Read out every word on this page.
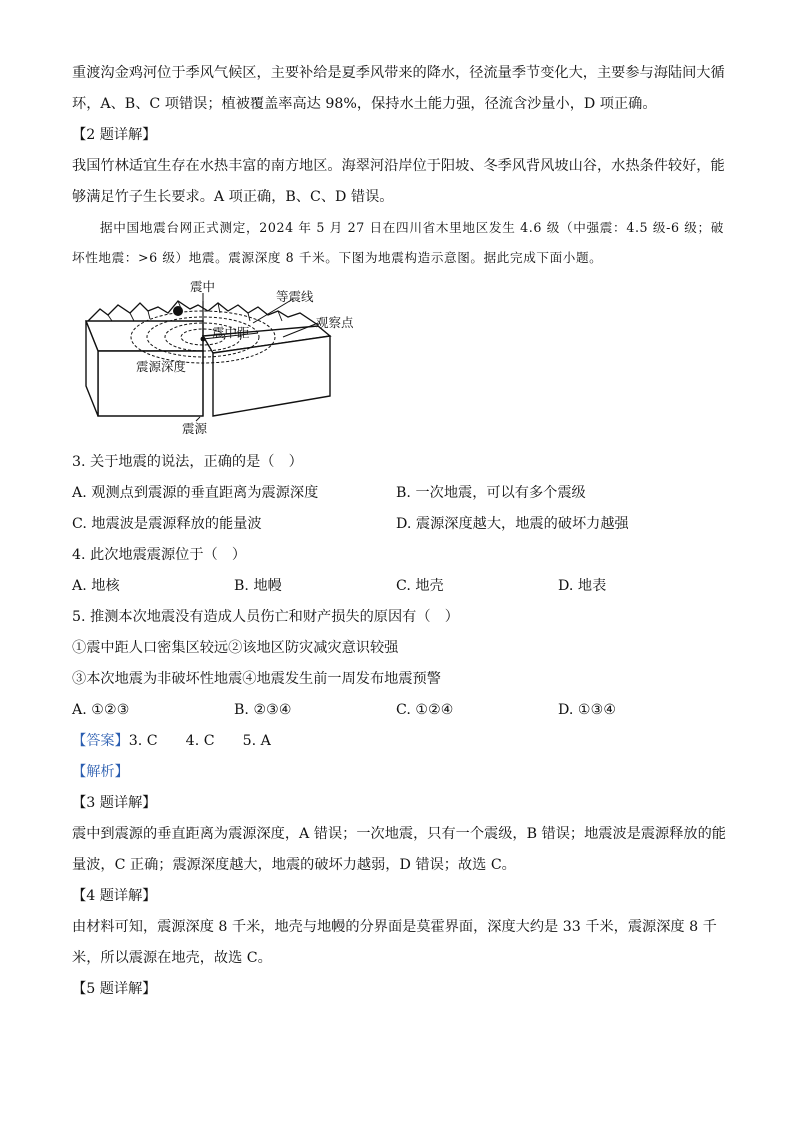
重渡沟金鸡河位于季风气候区，主要补给是夏季风带来的降水，径流量季节变化大，主要参与海陆间大循

环，A、B、C 项错误；植被覆盖率高达 98%，保持水土能力强，径流含沙量小，D 项正确。

【2 题详解】

我国竹林适宜生存在水热丰富的南方地区。海翠河沿岸位于阳坡、冬季风背风坡山谷，水热条件较好，能

够满足竹子生长要求。A 项正确，B、C、D 错误。

据中国地震台网正式测定，2024 年 5 月 27 日在四川省木里地区发生 4.6 级（中强震：4.5 级-6 级；破坏性地震：>6 级）地震。震源深度 8 千米。下图为地震构造示意图。据此完成下面小题。

震中
等震线
观察点
震中距
震源深度
震源

3. 关于地震的说法，正确的是（　）

A. 观测点到震源的垂直距离为震源深度	B. 一次地震，可以有多个震级
C. 地震波是震源释放的能量波	D. 震源深度越大，地震的破坏力越强

4. 此次地震震源位于（　）

A. 地核	B. 地幔	C. 地壳	D. 地表

5. 推测本次地震没有造成人员伤亡和财产损失的原因有（　）

①震中距人口密集区较远②该地区防灾减灾意识较强

③本次地震为非破坏性地震④地震发生前一周发布地震预警

A. ①②③	B. ②③④	C. ①②④	D. ①③④

【答案】3. C 4. C 5. A

【解析】

【3 题详解】

震中到震源的垂直距离为震源深度，A 错误；一次地震，只有一个震级，B 错误；地震波是震源释放的能

量波，C 正确；震源深度越大，地震的破坏力越弱，D 错误；故选 C。

【4 题详解】

由材料可知，震源深度 8 千米，地壳与地幔的分界面是莫霍界面，深度大约是 33 千米，震源深度 8 千

米，所以震源在地壳，故选 C。

【5 题详解】
